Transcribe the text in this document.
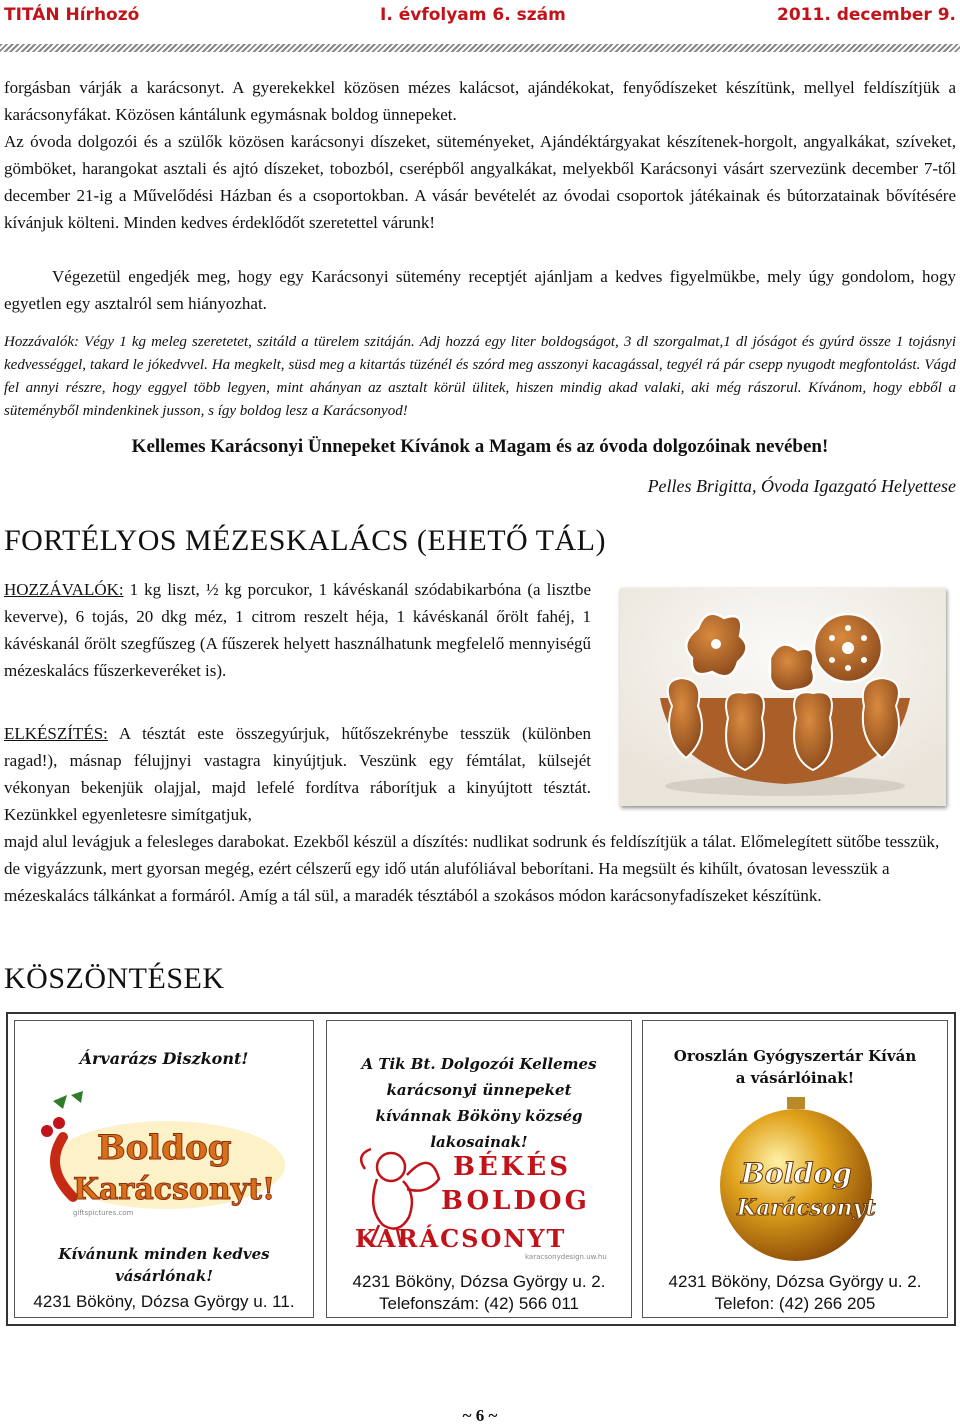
TITÁN Hírhozó	I. évfolyam 6. szám	2011. december 9.

forgásban várják a karácsonyt. A gyerekekkel közösen mézes kalácsot, ajándékokat, fenyődíszeket készítünk, mellyel feldíszítjük a karácsonyfákat. Közösen kántálunk egymásnak boldog ünnepeket.

Az óvoda dolgozói és a szülők közösen karácsonyi díszeket, süteményeket, Ajándéktárgyakat készítenek-horgolt, angyalkákat, szíveket, gömböket, harangokat asztali és ajtó díszeket, tobozból, cserépből angyalkákat, melyekből Karácsonyi vásárt szervezünk december 7-től december 21-ig a Művelődési Házban és a csoportokban. A vásár bevételét az óvodai csoportok játékainak és bútorzatainak bővítésére kívánjuk költeni. Minden kedves érdeklődőt szeretettel várunk!

Végezetül engedjék meg, hogy egy Karácsonyi sütemény receptjét ajánljam a kedves figyelmükbe, mely úgy gondolom, hogy egyetlen egy asztalról sem hiányozhat.

Hozzávalók: Végy 1 kg meleg szeretetet, szitáld a türelem szitáján. Adj hozzá egy liter boldogságot, 3 dl szorgalmat,1 dl jóságot és gyúrd össze 1 tojásnyi kedvességgel, takard le jókedvvel. Ha megkelt, süsd meg a kitartás tüzénél és szórd meg asszonyi kacagással, tegyél rá pár csepp nyugodt megfontolást. Vágd fel annyi részre, hogy eggyel több legyen, mint ahányan az asztalt körül ülitek, hiszen mindig akad valaki, aki még rászorul. Kívánom, hogy ebből a süteményből mindenkinek jusson, s így boldog lesz a Karácsonyod!

Kellemes Karácsonyi Ünnepeket Kívánok a Magam és az óvoda dolgozóinak nevében!
Pelles Brigitta, Óvoda Igazgató Helyettese
FORTÉLYOS MÉZESKALÁCS (EHETŐ TÁL)

HOZZÁVALÓK: 1 kg liszt, ½ kg porcukor, 1 kávéskanál szódabikarbóna (a lisztbe keverve), 6 tojás, 20 dkg méz, 1 citrom reszelt héja, 1 kávéskanál őrölt fahéj, 1 kávéskanál őrölt szegfűszeg (A fűszerek helyett használhatunk megfelelő mennyiségű mézeskalács fűszerkeveréket is).

ELKÉSZÍTÉS: A tésztát este összegyúrjuk, hűtőszekrénybe tesszük (különben ragad!), másnap félujjnyi vastagra kinyújtjuk. Veszünk egy fémtálat, külsejét vékonyan bekenjük olajjal, majd lefelé fordítva ráborítjuk a kinyújtott tésztát. Kezünkkel egyenletesre simítgatjuk,

majd alul levágjuk a felesleges darabokat. Ezekből készül a díszítés: nudlikat sodrunk és feldíszítjük a tálat. Előmelegített sütőbe tesszük, de vigyázzunk, mert gyorsan megég, ezért célszerű egy idő után alufóliával beborítani. Ha megsült és kihűlt, óvatosan levesszük a mézeskalács tálkánkat a formáról. Amíg a tál sül, a maradék tésztából a szokásos módon karácsonyfadíszeket készítünk.

KÖSZÖNTÉSEK
Árvarázs Diszkont!
Boldog
Karácsonyt!
giftspictures.com
Kívánunk minden kedves vásárlónak!
4231 Bököny, Dózsa György u. 11.
A Tik Bt. Dolgozói Kellemes karácsonyi ünnepeket kívánnak Bököny község lakosainak!
BÉKÉS
BOLDOG
KARÁCSONYT
karacsonydesign.uw.hu
4231 Bököny, Dózsa György u. 2.
Telefonszám: (42) 566 011
Oroszlán Gyógyszertár Kíván a vásárlóinak!
Boldog
Karácsonyt
4231 Bököny, Dózsa György u. 2.
Telefon: (42) 266 205
~ 6 ~
